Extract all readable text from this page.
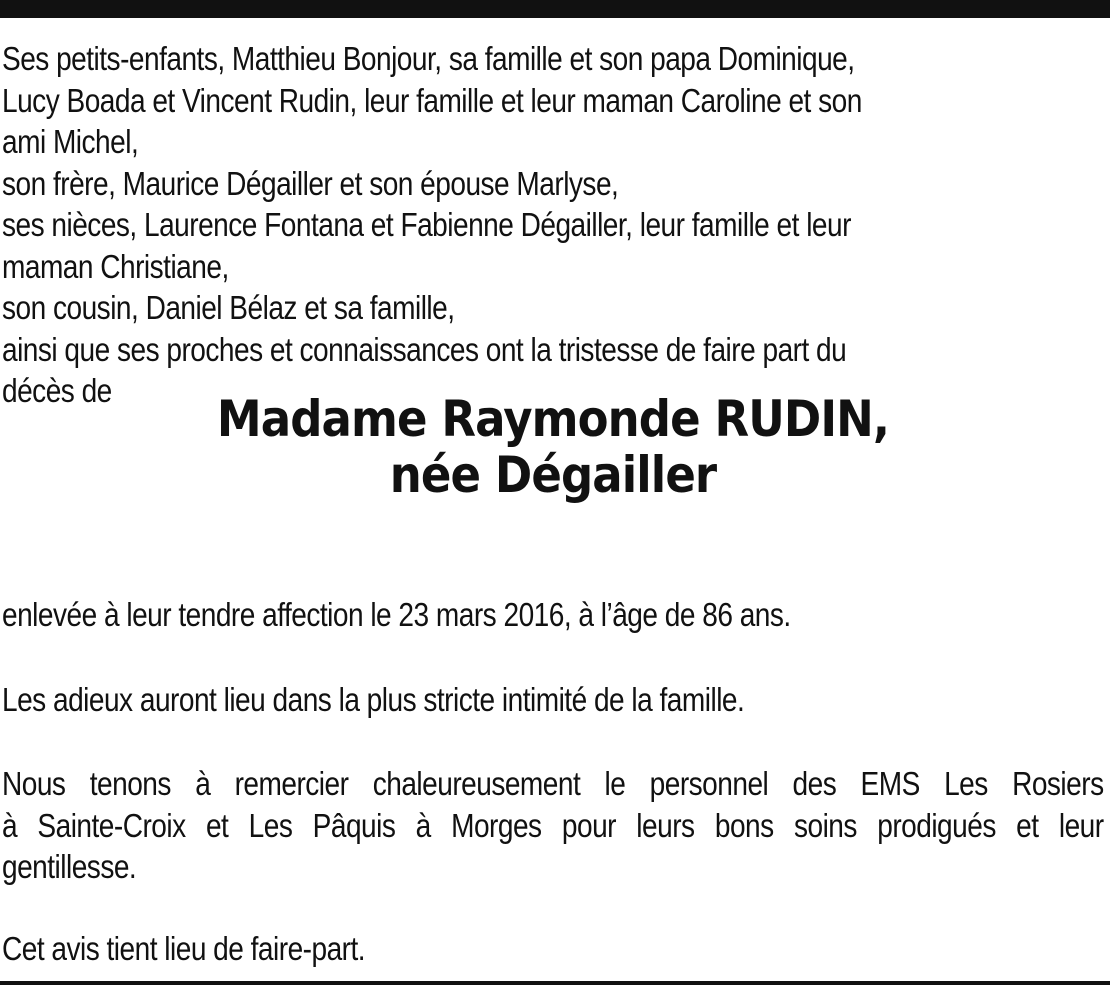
Ses petits-enfants, Matthieu Bonjour, sa famille et son papa Dominique,
Lucy Boada et Vincent Rudin, leur famille et leur maman Caroline et son
ami Michel,
son frère, Maurice Dégailler et son épouse Marlyse,
ses nièces, Laurence Fontana et Fabienne Dégailler, leur famille et leur
maman Christiane,
son cousin, Daniel Bélaz et sa famille,
ainsi que ses proches et connaissances ont la tristesse de faire part du
décès de	Madame Raymonde RUDIN,
née Dégailler
enlevée à leur tendre affection le 23 mars 2016, à l’âge de 86 ans.
Les adieux auront lieu dans la plus stricte intimité de la famille.
Nous tenons à remercier chaleureusement le personnel des EMS Les Rosiers
à Sainte-Croix et Les Pâquis à Morges pour leurs bons soins prodigués et leur
gentillesse.
Cet avis tient lieu de faire-part.
